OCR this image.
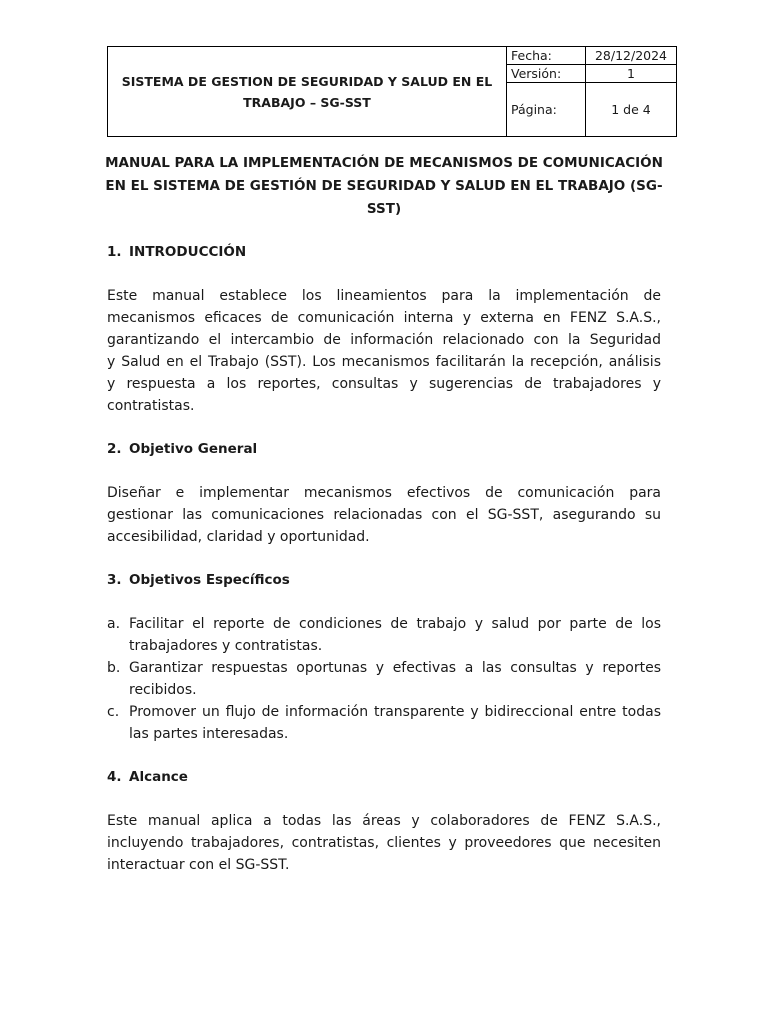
SISTEMA DE GESTION DE SEGURIDAD Y SALUD EN EL TRABAJO – SG-SST	Fecha:	28/12/2024
	Versión:	1
	Página:	1 de 4
MANUAL PARA LA IMPLEMENTACIÓN DE MECANISMOS DE COMUNICACIÓN
EN EL SISTEMA DE GESTIÓN DE SEGURIDAD Y SALUD EN EL TRABAJO (SG-SST)
1. INTRODUCCIÓN
Este manual establece los lineamientos para la implementación de
mecanismos eficaces de comunicación interna y externa en FENZ S.A.S.,
garantizando el intercambio de información relacionado con la Seguridad
y Salud en el Trabajo (SST). Los mecanismos facilitarán la recepción, análisis
y respuesta a los reportes, consultas y sugerencias de trabajadores y
contratistas.
2. Objetivo General
Diseñar e implementar mecanismos efectivos de comunicación para
gestionar las comunicaciones relacionadas con el SG-SST, asegurando su
accesibilidad, claridad y oportunidad.
3. Objetivos Específicos
a. Facilitar el reporte de condiciones de trabajo y salud por parte de los
trabajadores y contratistas.
b. Garantizar respuestas oportunas y efectivas a las consultas y reportes
recibidos.
c. Promover un flujo de información transparente y bidireccional entre todas
las partes interesadas.
4. Alcance
Este manual aplica a todas las áreas y colaboradores de FENZ S.A.S.,
incluyendo trabajadores, contratistas, clientes y proveedores que necesiten
interactuar con el SG-SST.
